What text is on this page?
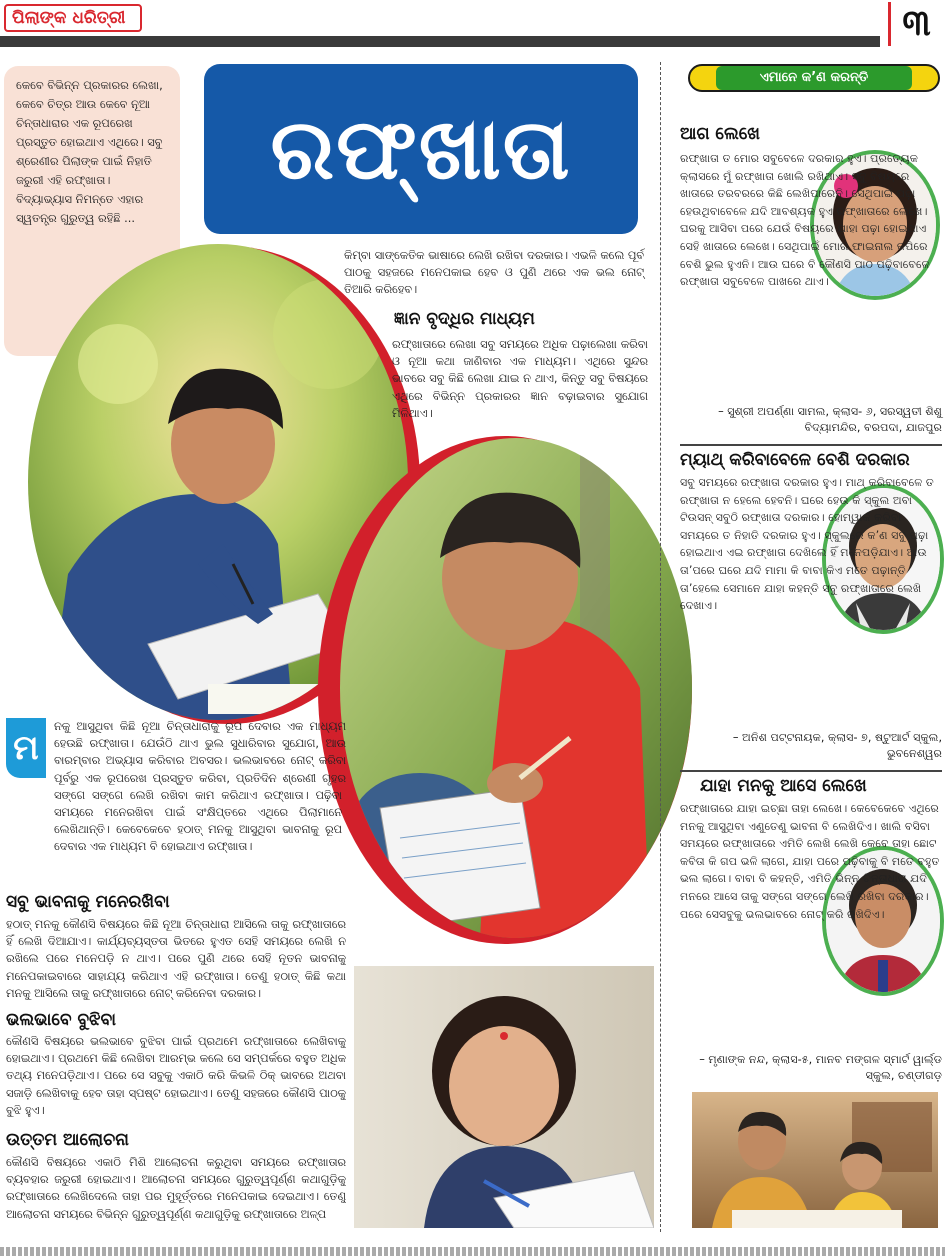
ପିଲାଙ୍କ ଧରିତ୍ରୀ	୩

କେବେ ବିଭିନ୍ନ ପ୍ରକାରର ଲେଖା, କେବେ ଚିତ୍ର ଆଉ କେବେ ନୂଆ ଚିନ୍ତାଧାରାର ଏକ ରୂପରେଖ ପ୍ରସ୍ତୁତ ହୋଇଥାଏ ଏଥିରେ। ସବୁ ଶ୍ରେଣୀର ପିଲାଙ୍କ ପାଇଁ ନିହାତି ଜରୁରୀ ଏହି ରଫ୍‌ଖାତା। ବିଦ୍ୟାଭ୍ୟାସ ନିମନ୍ତେ ଏହାର ସ୍ୱତନ୍ତ୍ର ଗୁରୁତ୍ୱ ରହିଛି ...

ରଫ୍‌ଖାତା

କିମ୍ବା ସାଙ୍କେତିକ ଭାଷାରେ ଲେଖି ରଖିବା ଦରକାର। ଏଭଳି କଲେ ପୂର୍ବ ପାଠକୁ ସହଜରେ ମନେପକାଇ ହେବ ଓ ପୁଣି ଥରେ ଏକ ଭଲ ନୋଟ୍ ତିଆରି କରିହେବ।

ଜ୍ଞାନ ବୃଦ୍ଧିର ମାଧ୍ୟମ

ରଫ୍‌ଖାତାରେ ଲେଖା ସବୁ ସମୟରେ ଅଧିକ ପଢ଼ାଲେଖା କରିବା ଓ ନୂଆ କଥା ଜାଣିବାର ଏକ ମାଧ୍ୟମ। ଏଥିରେ ସୁନ୍ଦର ଭାବରେ ସବୁ କିଛି ଲେଖା ଯାଇ ନ ଥାଏ, କିନ୍ତୁ ସବୁ ବିଷୟରେ ଏଥିରେ ବିଭିନ୍ନ ପ୍ରକାରର ଜ୍ଞାନ ବଢ଼ାଇବାର ସୁଯୋଗ ମିଳିଥାଏ।

ମ

ନକୁ ଆସୁଥିବା କିଛି ନୂଆ ଚିନ୍ତାଧାରାକୁ ରୂପ ଦେବାର ଏକ ମାଧ୍ୟମ ହେଉଛି ରଫ୍‌ଖାତା। ଯେଉଁଠି ଥାଏ ଭୁଲ ସୁଧାରିବାର ସୁଯୋଗ, ଆଉ ବାରମ୍ବାର ଅଭ୍ୟାସ କରିବାର ଅବସର। ଭଲଭାବରେ ନୋଟ୍ କରିବା ପୂର୍ବରୁ ଏକ ରୂପରେଖ ପ୍ରସ୍ତୁତ କରିବା, ପ୍ରତିଦିନ ଶ୍ରେଣୀ ଗୃହର

ସଙ୍ଗେ ସଙ୍ଗେ ଲେଖି ରଖିବା କାମ କରିଥାଏ ରଫ୍‌ଖାତା। ପଢ଼ିବା ସମୟରେ ମନେରଖିବା ପାଇଁ ସଂକ୍ଷିପ୍ତରେ ଏଥିରେ ପିଲାମାନେ ଲେଖିଥାନ୍ତି। କେବେକେବେ ହଠାତ୍ ମନକୁ ଆସୁଥିବା ଭାବନାକୁ ରୂପ ଦେବାର ଏକ ମାଧ୍ୟମ ବି ହୋଇଥାଏ ରଫ୍‌ଖାତା।

ସବୁ ଭାବନାକୁ ମନେରଖିବା

ହଠାତ୍ ମନକୁ କୌଣସି ବିଷୟରେ କିଛି ନୂଆ ଚିନ୍ତାଧାରା ଆସିଲେ ତାକୁ ରଫ୍‌ଖାତାରେ ହିଁ ଲେଖି ଦିଆଯାଏ। କାର୍ଯ୍ୟବ୍ୟସ୍ତତା ଭିତରେ ହୁଏତ ସେହି ସମୟରେ ଲେଖି ନ ରଖିଲେ ପରେ ମନେପଡ଼ି ନ ଥାଏ। ପରେ ପୁଣି ଥରେ ସେହି ନୂତନ ଭାବନାକୁ ମନେପକାଇବାରେ ସାହାଯ୍ୟ କରିଥାଏ ଏହି ରଫ୍‌ଖାତା। ତେଣୁ ହଠାତ୍ କିଛି କଥା ମନକୁ ଆସିଲେ ତାକୁ ରଫ୍‌ଖାତାରେ ନୋଟ୍ କରିନେବା ଦରକାର।

ଭଲଭାବେ ବୁଝିବା

କୌଣସି ବିଷୟରେ ଭଲଭାବେ ବୁଝିବା ପାଇଁ ପ୍ରଥମେ ରଫ୍‌ଖାତାରେ ଲେଖିବାକୁ ହୋଇଥାଏ। ପ୍ରଥମେ କିଛି ଲେଖିବା ଆରମ୍ଭ କଲେ ସେ ସମ୍ପର୍କରେ ବହୁତ ଅଧିକ ତଥ୍ୟ ମନେପଡ଼ିଥାଏ। ପରେ ସେ ସବୁକୁ ଏକାଠି କରି କିଭଳି ଠିକ୍ ଭାବରେ ଅଥବା ସଜାଡ଼ି ଲେଖିବାକୁ ହେବ ତାହା ସ୍ପଷ୍ଟ ହୋଇଥାଏ। ତେଣୁ ସହଜରେ କୌଣସି ପାଠକୁ ବୁଝି ହୁଏ।

ଉତ୍ତମ ଆଲୋଚନା

କୌଣସି ବିଷୟରେ ଏକାଠି ମିଶି ଆଲୋଚନା କରୁଥିବା ସମୟରେ ରଫ୍‌ଖାତାର ବ୍ୟବହାର ଜରୁରୀ ହୋଇଥାଏ। ଆଲୋଚନା ସମୟରେ ଗୁରୁତ୍ୱପୂର୍ଣ୍ଣ କଥାଗୁଡ଼ିକୁ ରଫ୍‌ଖାତାରେ ଲେଖିଦେଲେ ତାହା ପର ମୁହୂର୍ତ୍ତରେ ମନେପକାଇ ଦେଇଥାଏ। ତେଣୁ ଆଲୋଚନା ସମୟରେ ବିଭିନ୍ନ ଗୁରୁତ୍ୱପୂର୍ଣ୍ଣ କଥାଗୁଡ଼ିକୁ ରଫ୍‌ଖାତାରେ ଅଳ୍ପ

ଏମାନେ କ’ଣ କରନ୍ତି
ଆଗ ଲେଖେ

ରଫ୍‌ଖାତା ତ ମୋର ସବୁବେଳେ ଦରକାର ହୁଏ। ପ୍ରତ୍ୟେକ କ୍ଲାସରେ ମୁଁ ରଫ୍‌ଖାତା ଖୋଲି ରଖିଥାଏ। ସବୁ ବିଷୟରେ ଖାତାରେ ତରବରରେ କିଛି ଲେଖିପାରେନି। ସେଥିପାଇଁ ପଢ଼ା ହେଉଥିବାବେଳେ ଯଦି ଆବଶ୍ୟକ ହୁଏ ରଫ୍‌ଖାତାରେ ଲେଖେ। ଘରକୁ ଆସିବା ପରେ ଯେଉଁ ବିଷୟରେ ଯାହା ପଢ଼ା ହୋଇଥାଏ ସେହି ଖାତାରେ ଲେଖେ। ସେଥିପାଇଁ ମୋର ଫାଇନାଲ କପିରେ ବେଶି ଭୁଲ ହୁଏନି। ଆଉ ଘରେ ବି କୌଣସି ପାଠ ପଢ଼ିବାବେଳେ ରଫ୍‌ଖାତା ସବୁବେଳେ ପାଖରେ ଥାଏ।

– ସୁଶ୍ରୀ ଅପର୍ଣ୍ଣା ସାମଲ, କ୍ଲାସ- ୬, ସରସ୍ୱତୀ ଶିଶୁ ବିଦ୍ୟାମନ୍ଦିର, ବରପଦା, ଯାଜପୁର
ମ୍ୟାଥ୍ କରିବାବେଳେ ବେଶି ଦରକାର

ସବୁ ସମୟରେ ରଫ୍‌ଖାତା ଦରକାର ହୁଏ। ମାଥ୍ କରିବାବେଳେ ତ ରଫ୍‌ଖାତା ନ ହେଲେ ହେବନି। ଘରେ ହେଉ କି ସ୍କୁଲ ଅବା ଟିଉସନ୍ ସବୁଠି ରଫ୍‌ଖାତା ଦରକାର। ହୋମ୍‌ୱାର୍କ କରିବା ସମୟରେ ତ ନିହାତି ଦରକାର ହୁଏ। ସ୍କୁଲରେ କ’ଣ ସବୁ ପଢ଼ା ହୋଇଥାଏ ଏଇ ରଫ୍‌ଖାତା ଦେଖିଲେ ହିଁ ମନେପଡ଼ିଯାଏ। ଆଉ ତା’ପରେ ଘରେ ଯଦି ମାମା କି ବାବା କିଏ ମତେ ପଢ଼ାନ୍ତି ତା’ହେଲେ ସେମାନେ ଯାହା କହନ୍ତି ସବୁ ରଫ୍‌ଖାତାରେ ଲେଖି ଦେଖାଏ।

– ଅନିଶ ପଟ୍ଟନାୟକ, କ୍ଲାସ- ୭, ଷ୍ଟୁଆର୍ଟ ସ୍କୁଲ, ଭୁବନେଶ୍ୱର
ଯାହା ମନକୁ ଆସେ ଲେଖେ

ରଫ୍‌ଖାତାରେ ଯାହା ଇଚ୍ଛା ତାହା ଲେଖେ। କେବେକେବେ ଏଥିରେ ମନକୁ ଆସୁଥିବା ଏଣୁତେଣୁ ଭାବନା ବି ଲେଖିଦିଏ। ଖାଲି ବସିବା ସମୟରେ ରଫ୍‌ଖାତାରେ ଏମିତି ଲେଖି ଲେଖି କେବେ ତାହା ଛୋଟ କବିତା କି ଗପ ଭଳି ଲାଗେ, ଯାହା ପରେ ପଢ଼ିବାକୁ ବି ମତେ ବହୁତ ଭଲ ଲାଗେ। ବାବା ବି କହନ୍ତି, ଏମିତି ଭିନ୍ନ ଚିନ୍ତାଧାରା ଯଦି ମନରେ ଆସେ ତାକୁ ସଙ୍ଗେ ସଙ୍ଗେ ଲେଖି ରଖିବା ଦରକାର। ପରେ ସେସବୁକୁ ଭଲଭାବରେ ନୋଟ୍ କରି ରଖିଦିଏ।

– ମୃଣାଙ୍କ ନନ୍ଦ, କ୍ଲାସ-୫, ମାନବ ମଙ୍ଗଳ ସ୍ମାର୍ଟ ୱାର୍ଲ୍ଡ ସ୍କୁଲ, ଚଣ୍ଡୀଗଡ଼
